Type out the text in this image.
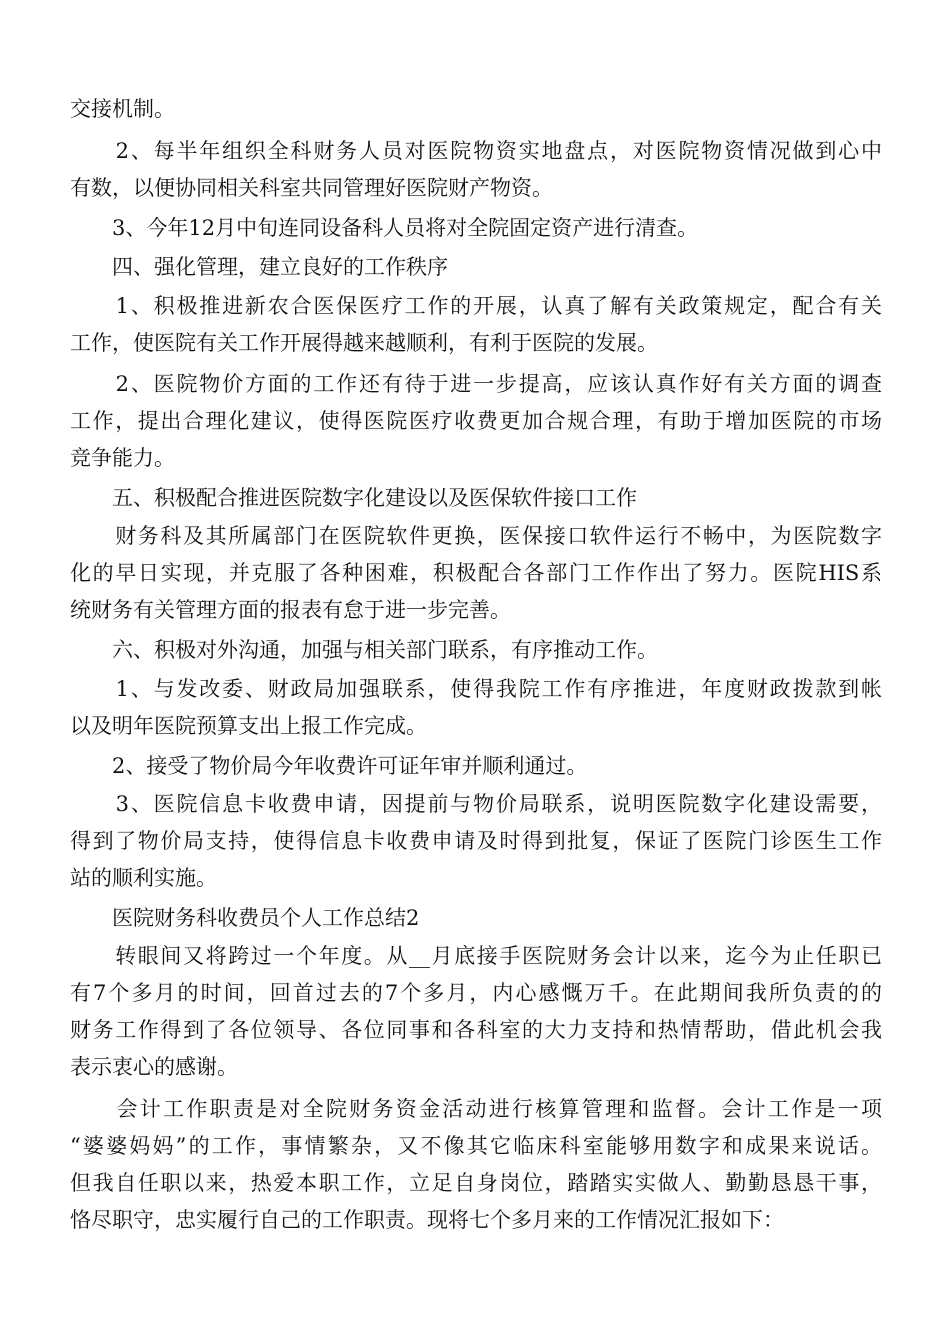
交接机制。

　　2、每半年组织全科财务人员对医院物资实地盘点，对医院物资情况做到心中
有数，以便协同相关科室共同管理好医院财产物资。

　　3、今年12月中旬连同设备科人员将对全院固定资产进行清查。

　　四、强化管理，建立良好的工作秩序

　　1、积极推进新农合医保医疗工作的开展，认真了解有关政策规定，配合有关
工作，使医院有关工作开展得越来越顺利，有利于医院的发展。

　　2、医院物价方面的工作还有待于进一步提高，应该认真作好有关方面的调查
工作，提出合理化建议，使得医院医疗收费更加合规合理，有助于增加医院的市场
竞争能力。

　　五、积极配合推进医院数字化建设以及医保软件接口工作

　　财务科及其所属部门在医院软件更换，医保接口软件运行不畅中，为医院数字
化的早日实现，并克服了各种困难，积极配合各部门工作作出了努力。医院HIS系
统财务有关管理方面的报表有怠于进一步完善。

　　六、积极对外沟通，加强与相关部门联系，有序推动工作。

　　1、与发改委、财政局加强联系，使得我院工作有序推进，年度财政拨款到帐
以及明年医院预算支出上报工作完成。

　　2、接受了物价局今年收费许可证年审并顺利通过。

　　3、医院信息卡收费申请，因提前与物价局联系，说明医院数字化建设需要，
得到了物价局支持，使得信息卡收费申请及时得到批复，保证了医院门诊医生工作
站的顺利实施。

　　医院财务科收费员个人工作总结2

　　转眼间又将跨过一个年度。从__月底接手医院财务会计以来，迄今为止任职已
有7个多月的时间，回首过去的7个多月，内心感慨万千。在此期间我所负责的的
财务工作得到了各位领导、各位同事和各科室的大力支持和热情帮助，借此机会我
表示衷心的感谢。

　　会计工作职责是对全院财务资金活动进行核算管理和监督。会计工作是一项
“婆婆妈妈”的工作，事情繁杂，又不像其它临床科室能够用数字和成果来说话。
但我自任职以来，热爱本职工作，立足自身岗位，踏踏实实做人、勤勤恳恳干事，
恪尽职守，忠实履行自己的工作职责。现将七个多月来的工作情况汇报如下：
